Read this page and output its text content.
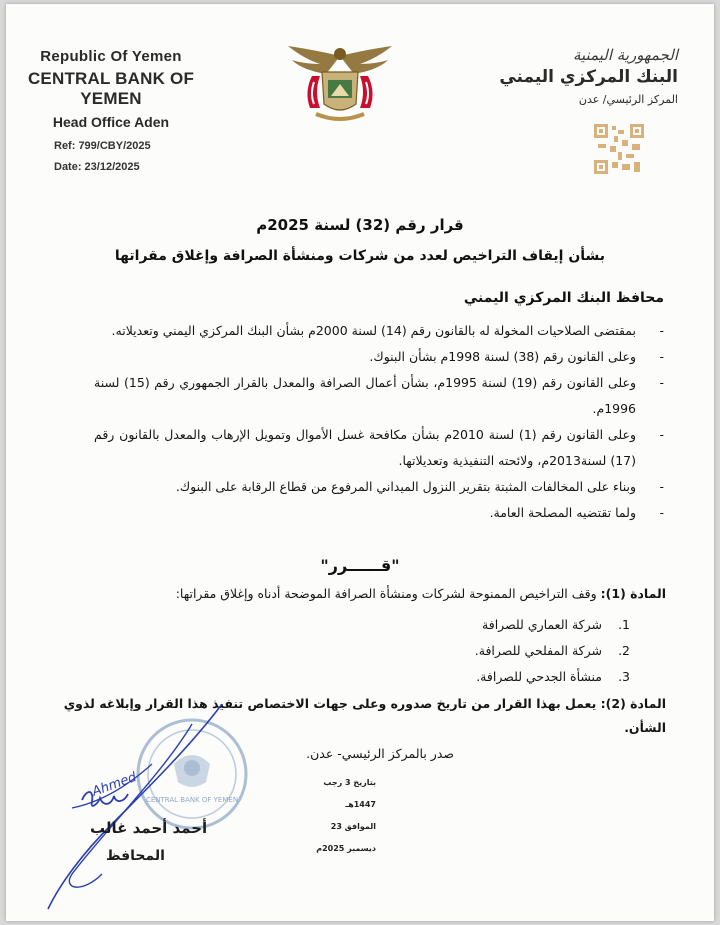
Republic Of Yemen
CENTRAL BANK OF YEMEN
Head Office Aden
Ref: 799/CBY/2025
Date: 23/12/2025
الجمهورية اليمنية
البنك المركزي اليمني
المركز الرئيسي/ عدن
قرار رقم (32) لسنة 2025م
بشأن إيقاف التراخيص لعدد من شركات ومنشأة الصرافة وإغلاق مقراتها
محافظ البنك المركزي اليمني
-
بمقتضى الصلاحيات المخولة له بالقانون رقم (14) لسنة 2000م بشأن البنك المركزي اليمني وتعديلاته.
-
وعلى القانون رقم (38) لسنة 1998م بشأن البنوك.
-
وعلى القانون رقم (19) لسنة 1995م، بشأن أعمال الصرافة والمعدل بالقرار الجمهوري رقم (15) لسنة 1996م.
-
وعلى القانون رقم (1) لسنة 2010م بشأن مكافحة غسل الأموال وتمويل الإرهاب والمعدل بالقانون رقم (17) لسنة2013م، ولائحته التنفيذية وتعديلاتها.
-
وبناء على المخالفات المثبتة بتقرير النزول الميداني المرفوع من قطاع الرقابة على البنوك.
-
ولما تقتضيه المصلحة العامة.
"قــــــرر"
المادة (1): وقف التراخيص الممنوحة لشركات ومنشأة الصرافة الموضحة أدناه وإغلاق مقراتها:
1.
شركة العماري للصرافة
2.
شركة المفلحي للصرافة.
3.
منشأة الجدحي للصرافة.
المادة (2): يعمل بهذا القرار من تاريخ صدوره وعلى جهات الاختصاص تنفيذ هذا القرار وإبلاغه لذوي الشأن.
صدر بالمركز الرئيسي- عدن.
بتاريخ 3 رجب 1447هـ
الموافق 23 ديسمبر 2025م
CENTRAL BANK OF YEMEN
Ahmed
أحمد أحمد غالب
المحافظ
